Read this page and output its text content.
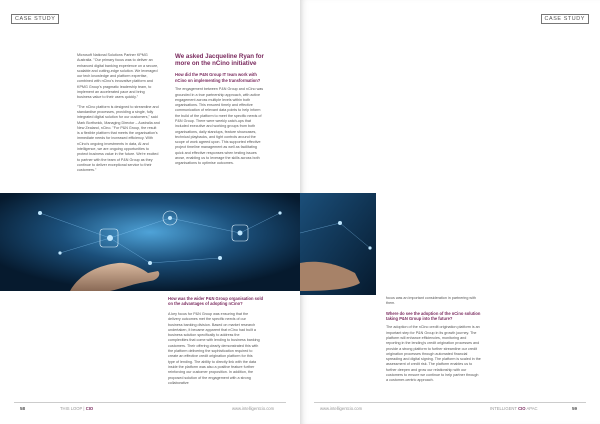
CASE STUDY

Microsoft National Solutions Partner KPMG Australia. "Our primary focus was to deliver an enhanced digital banking experience on a secure, scalable and cutting-edge solution. We leveraged our tech knowledge and platform expertise, combined with nCino's innovative platform and KPMG Group's pragmatic leadership team, to implement an accelerated pace and bring business value to their users quickly."

"The nCino platform is designed to streamline and standardise processes, providing a single, fully integrated digital solution for our customers," said Mark Borthwick, Managing Director – Australia and New Zealand, nCino. "For P&N Group, the result is a flexible platform that meets the organisation's immediate needs for increased efficiency. With nCino's ongoing investments in data, AI and intelligence, we are ongoing opportunities to protect business value in the future. We're excited to partner with the team of P&N Group as they continue to deliver exceptional service to their customers."

We asked Jacqueline Ryan for more on the nCino initiative
How did the P&N Group IT team work with nCino on implementing the transformation?

The engagement between P&N Group and nCino was grounded in a true partnership approach, with active engagement across multiple levels within both organisations. This ensured timely and effective communication of relevant data points to help inform the build of the platform to meet the specific needs of P&N Group. There were weekly catch-ups that included executive and working groups from both organisations, daily standups, feature showcases, technical playbacks, and tight controls around the scope of work agreed upon. This supported effective project timeline management as well as facilitating quick and effective responses when testing issues arose, enabling us to leverage the skills across both organisations to optimise outcomes.

How was the wider P&N Group organisation sold on the advantages of adopting nCino?

A key focus for P&N Group was ensuring that the delivery outcomes met the specific needs of our business banking division. Based on market research undertaken, it became apparent that nCino had built a business solution specifically to address the complexities that come with lending to business banking customers. Their offering clearly demonstrated this with the platform delivering the sophistication required to create an effective credit origination platform for this type of lending. The ability to directly link with the data inside the platform was also a positive feature further reinforcing our customer proposition. In addition, the proposed solution of the engagement with a strong collaborative

58	THIS LOOP | CIO	www.intelligentcio.com
CASE STUDY

focus was an important consideration in partnering with them.

Where do see the adoption of the nCino solution taking P&N Group into the future?

The adoption of the nCino credit origination platform is an important step for P&N Group in its growth journey. The platform will enhance efficiencies, monitoring and reporting in the lending's credit origination processes and provide a strong platform to further streamline our credit origination processes through automated financial spreading and digital signing. The platform is scaled in the assessment of credit risk. The platform enables us to further deepen and grow our relationship with our customers to ensure we continue to help partner through a customer-centric approach.

www.intelligentcio.com	INTELLIGENT CIO APAC	59
